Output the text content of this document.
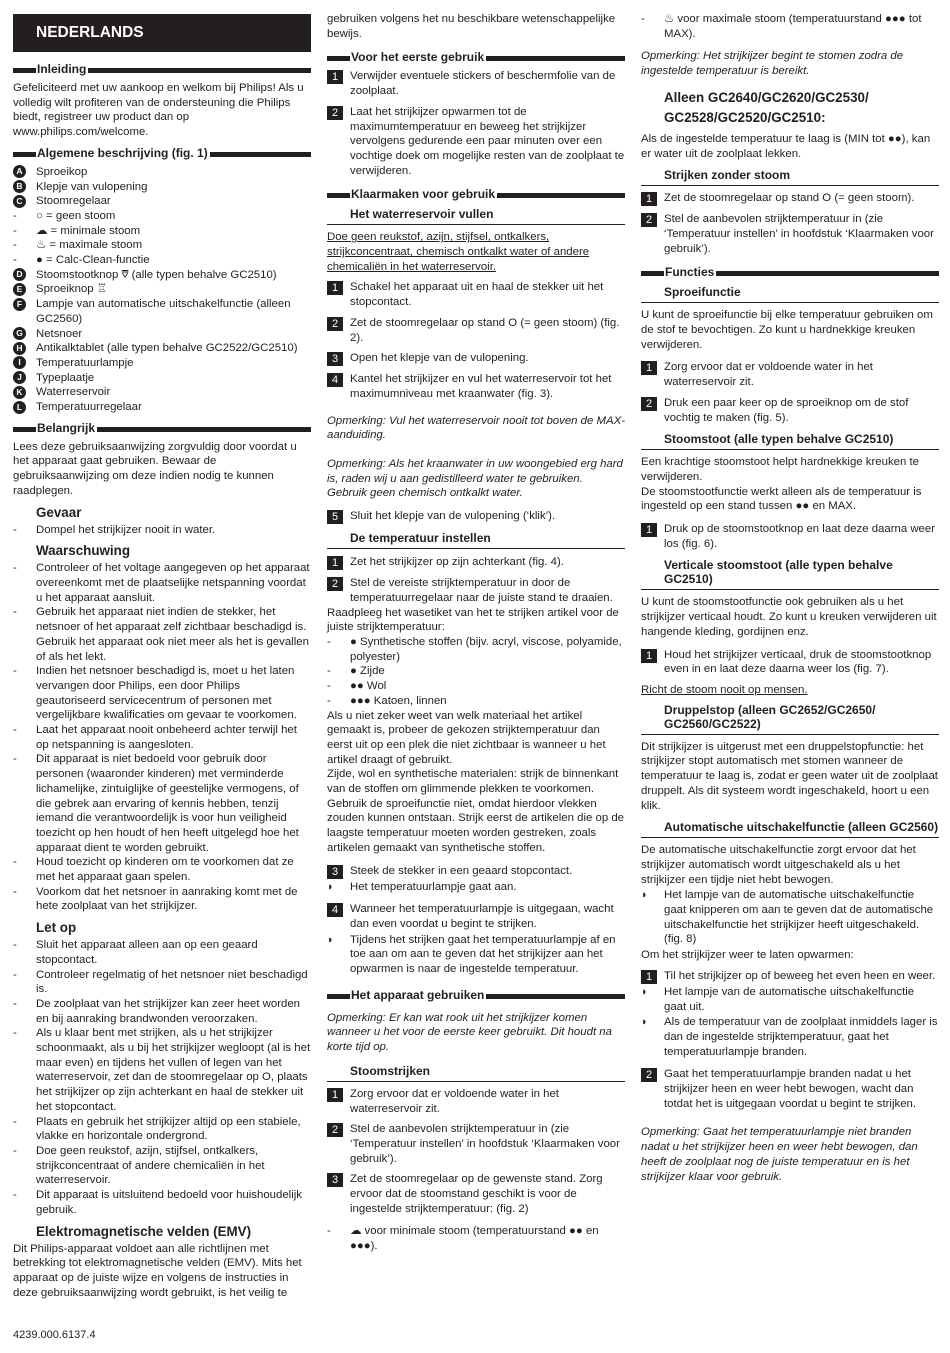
NEDERLANDS
Inleiding

Gefeliciteerd met uw aankoop en welkom bij Philips! Als u volledig wilt profiteren van de ondersteuning die Philips biedt, registreer uw product dan op www.philips.com/welcome.

Algemene beschrijving (fig. 1)
A	Sproeikop
B	Klepje van vulopening
C	Stoomregelaar
-	○ = geen stoom
-	☁ = minimale stoom
-	♨ = maximale stoom
-	● = Calc-Clean-functie
D	Stoomstootknop ⩢ (alle typen behalve GC2510)
E	Sproeiknop ♖
F	Lampje van automatische uitschakelfunctie (alleen GC2560)
G	Netsnoer
H	Antikalktablet (alle typen behalve GC2522/GC2510)
I	Temperatuurlampje
J	Typeplaatje
K	Waterreservoir
L	Temperatuurregelaar
Belangrijk

Lees deze gebruiksaanwijzing zorgvuldig door voordat u het apparaat gaat gebruiken. Bewaar de gebruiksaanwijzing om deze indien nodig te kunnen raadplegen.

Gevaar
-	Dompel het strijkijzer nooit in water.
Waarschuwing
-	Controleer of het voltage aangegeven op het apparaat overeenkomt met de plaatselijke netspanning voordat u het apparaat aansluit.
-	Gebruik het apparaat niet indien de stekker, het netsnoer of het apparaat zelf zichtbaar beschadigd is. Gebruik het apparaat ook niet meer als het is gevallen of als het lekt.
-	Indien het netsnoer beschadigd is, moet u het laten vervangen door Philips, een door Philips geautoriseerd servicecentrum of personen met vergelijkbare kwalificaties om gevaar te voorkomen.
-	Laat het apparaat nooit onbeheerd achter terwijl het op netspanning is aangesloten.
-	Dit apparaat is niet bedoeld voor gebruik door personen (waaronder kinderen) met verminderde lichamelijke, zintuiglijke of geestelijke vermogens, of die gebrek aan ervaring of kennis hebben, tenzij iemand die verantwoordelijk is voor hun veiligheid toezicht op hen houdt of hen heeft uitgelegd hoe het apparaat dient te worden gebruikt.
-	Houd toezicht op kinderen om te voorkomen dat ze met het apparaat gaan spelen.
-	Voorkom dat het netsnoer in aanraking komt met de hete zoolplaat van het strijkijzer.
Let op
-	Sluit het apparaat alleen aan op een geaard stopcontact.
-	Controleer regelmatig of het netsnoer niet beschadigd is.
-	De zoolplaat van het strijkijzer kan zeer heet worden en bij aanraking brandwonden veroorzaken.
-	Als u klaar bent met strijken, als u het strijkijzer schoonmaakt, als u bij het strijkijzer wegloopt (al is het maar even) en tijdens het vullen of legen van het waterreservoir, zet dan de stoomregelaar op O, plaats het strijkijzer op zijn achterkant en haal de stekker uit het stopcontact.
-	Plaats en gebruik het strijkijzer altijd op een stabiele, vlakke en horizontale ondergrond.
-	Doe geen reukstof, azijn, stijfsel, ontkalkers, strijkconcentraat of andere chemicaliën in het waterreservoir.
-	Dit apparaat is uitsluitend bedoeld voor huishoudelijk gebruik.
Elektromagnetische velden (EMV)

Dit Philips-apparaat voldoet aan alle richtlijnen met betrekking tot elektromagnetische velden (EMV). Mits het apparaat op de juiste wijze en volgens de instructies in deze gebruiksaanwijzing wordt gebruikt, is het veilig te

gebruiken volgens het nu beschikbare wetenschappelijke bewijs.

Voor het eerste gebruik
1	Verwijder eventuele stickers of beschermfolie van de zoolplaat.
2	Laat het strijkijzer opwarmen tot de maximumtemperatuur en beweeg het strijkijzer vervolgens gedurende een paar minuten over een vochtige doek om mogelijke resten van de zoolplaat te verwijderen.
Klaarmaken voor gebruik
Het waterreservoir vullen

Doe geen reukstof, azijn, stijfsel, ontkalkers, strijkconcentraat, chemisch ontkalkt water of andere chemicaliën in het waterreservoir.

1	Schakel het apparaat uit en haal de stekker uit het stopcontact.
2	Zet de stoomregelaar op stand O (= geen stoom) (fig. 2).
3	Open het klepje van de vulopening.
4	Kantel het strijkijzer en vul het waterreservoir tot het maximumniveau met kraanwater (fig. 3).

Opmerking: Vul het waterreservoir nooit tot boven de MAX-aanduiding.

Opmerking: Als het kraanwater in uw woongebied erg hard is, raden wij u aan gedistilleerd water te gebruiken. Gebruik geen chemisch ontkalkt water.

5	Sluit het klepje van de vulopening (‘klik’).
De temperatuur instellen
1	Zet het strijkijzer op zijn achterkant (fig. 4).
2	Stel de vereiste strijktemperatuur in door de temperatuurregelaar naar de juiste stand te draaien.

Raadpleeg het wasetiket van het te strijken artikel voor de juiste strijktemperatuur:

-	● Synthetische stoffen (bijv. acryl, viscose, polyamide, polyester)
-	● Zijde
-	●● Wol
-	●●● Katoen, linnen

Als u niet zeker weet van welk materiaal het artikel gemaakt is, probeer de gekozen strijktemperatuur dan eerst uit op een plek die niet zichtbaar is wanneer u het artikel draagt of gebruikt.

Zijde, wol en synthetische materialen: strijk de binnenkant van de stoffen om glimmende plekken te voorkomen. Gebruik de sproeifunctie niet, omdat hierdoor vlekken zouden kunnen ontstaan. Strijk eerst de artikelen die op de laagste temperatuur moeten worden gestreken, zoals artikelen gemaakt van synthetische stoffen.

3	Steek de stekker in een geaard stopcontact.
◗	Het temperatuurlampje gaat aan.
4	Wanneer het temperatuurlampje is uitgegaan, wacht dan even voordat u begint te strijken.
◗	Tijdens het strijken gaat het temperatuurlampje af en toe aan om aan te geven dat het strijkijzer aan het opwarmen is naar de ingestelde temperatuur.
Het apparaat gebruiken

Opmerking: Er kan wat rook uit het strijkijzer komen wanneer u het voor de eerste keer gebruikt. Dit houdt na korte tijd op.

Stoomstrijken
1	Zorg ervoor dat er voldoende water in het waterreservoir zit.
2	Stel de aanbevolen strijktemperatuur in (zie ‘Temperatuur instellen’ in hoofdstuk ‘Klaarmaken voor gebruik’).
3	Zet de stoomregelaar op de gewenste stand. Zorg ervoor dat de stoomstand geschikt is voor de ingestelde strijktemperatuur: (fig. 2)
-	☁ voor minimale stoom (temperatuurstand ●● en ●●●).
-	♨ voor maximale stoom (temperatuurstand ●●● tot MAX).

Opmerking: Het strijkijzer begint te stomen zodra de ingestelde temperatuur is bereikt.

Alleen GC2640/GC2620/GC2530/ GC2528/GC2520/GC2510:

Als de ingestelde temperatuur te laag is (MIN tot ●●), kan er water uit de zoolplaat lekken.

Strijken zonder stoom
1	Zet de stoomregelaar op stand O (= geen stoom).
2	Stel de aanbevolen strijktemperatuur in (zie ‘Temperatuur instellen’ in hoofdstuk ‘Klaarmaken voor gebruik’).
Functies
Sproeifunctie

U kunt de sproeifunctie bij elke temperatuur gebruiken om de stof te bevochtigen. Zo kunt u hardnekkige kreuken verwijderen.

1	Zorg ervoor dat er voldoende water in het waterreservoir zit.
2	Druk een paar keer op de sproeiknop om de stof vochtig te maken (fig. 5).
Stoomstoot (alle typen behalve GC2510)

Een krachtige stoomstoot helpt hardnekkige kreuken te verwijderen.

De stoomstootfunctie werkt alleen als de temperatuur is ingesteld op een stand tussen ●● en MAX.

1	Druk op de stoomstootknop en laat deze daarna weer los (fig. 6).
Verticale stoomstoot (alle typen behalve GC2510)

U kunt de stoomstootfunctie ook gebruiken als u het strijkijzer verticaal houdt. Zo kunt u kreuken verwijderen uit hangende kleding, gordijnen enz.

1	Houd het strijkijzer verticaal, druk de stoomstootknop even in en laat deze daarna weer los (fig. 7).

Richt de stoom nooit op mensen.

Druppelstop (alleen GC2652/GC2650/ GC2560/GC2522)

Dit strijkijzer is uitgerust met een druppelstopfunctie: het strijkijzer stopt automatisch met stomen wanneer de temperatuur te laag is, zodat er geen water uit de zoolplaat druppelt. Als dit systeem wordt ingeschakeld, hoort u een klik.

Automatische uitschakelfunctie (alleen GC2560)

De automatische uitschakelfunctie zorgt ervoor dat het strijkijzer automatisch wordt uitgeschakeld als u het strijkijzer een tijdje niet hebt bewogen.

◗	Het lampje van de automatische uitschakelfunctie gaat knipperen om aan te geven dat de automatische uitschakelfunctie het strijkijzer heeft uitgeschakeld. (fig. 8)

Om het strijkijzer weer te laten opwarmen:

1	Til het strijkijzer op of beweeg het even heen en weer.
◗	Het lampje van de automatische uitschakelfunctie gaat uit.
◗	Als de temperatuur van de zoolplaat inmiddels lager is dan de ingestelde strijktemperatuur, gaat het temperatuurlampje branden.
2	Gaat het temperatuurlampje branden nadat u het strijkijzer heen en weer hebt bewogen, wacht dan totdat het is uitgegaan voordat u begint te strijken.

Opmerking: Gaat het temperatuurlampje niet branden nadat u het strijkijzer heen en weer hebt bewogen, dan heeft de zoolplaat nog de juiste temperatuur en is het strijkijzer klaar voor gebruik.

4239.000.6137.4
